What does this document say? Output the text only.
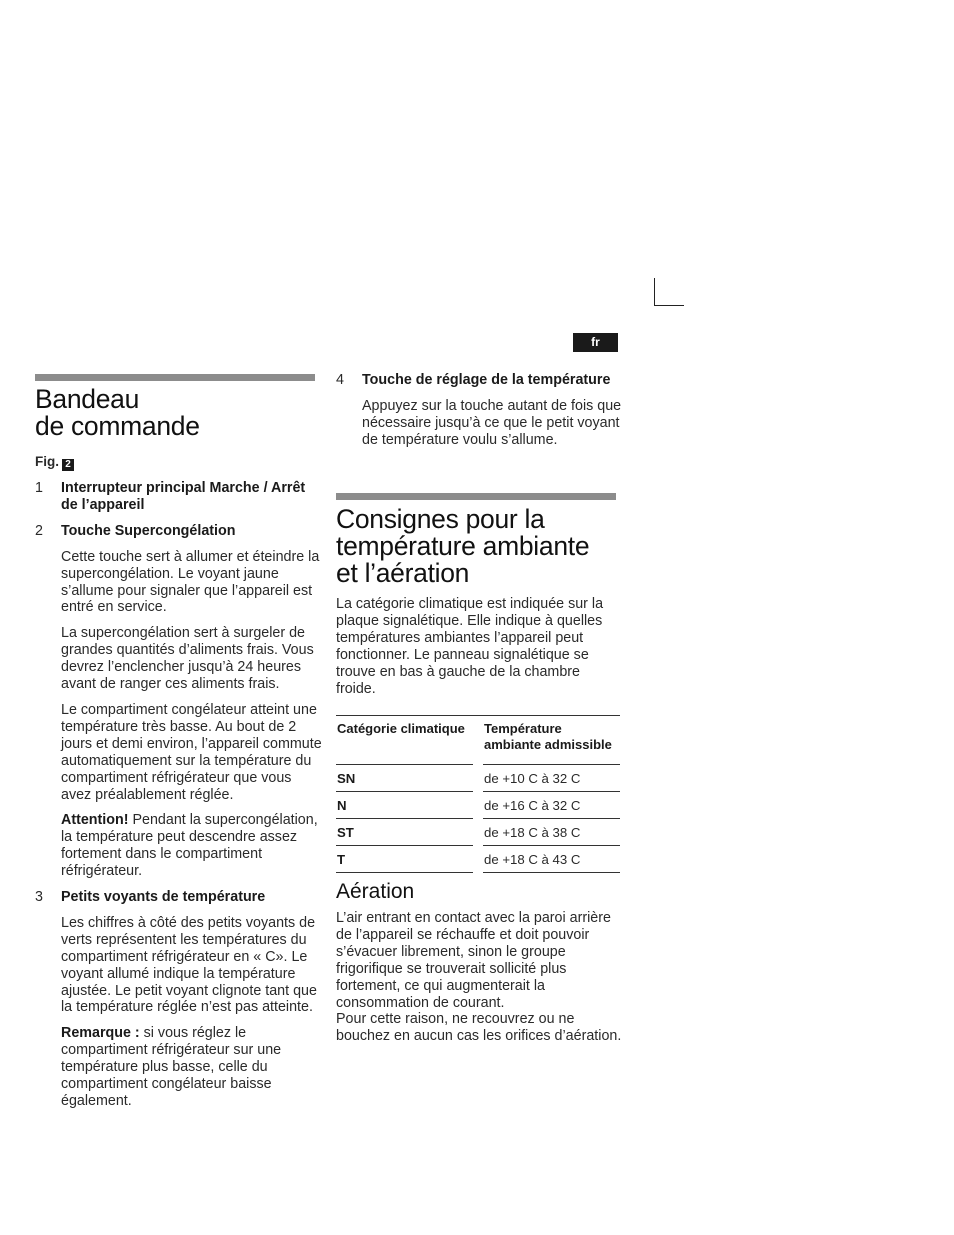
fr
Bandeau
de commande
Fig. 2
1 Interrupteur principal Marche / Arrêt de l’appareil
2 Touche Supercongélation

Cette touche sert à allumer et éteindre la supercongélation. Le voyant jaune s’allume pour signaler que l’appareil est entré en service.

La supercongélation sert à surgeler de grandes quantités d’aliments frais. Vous devrez l’enclencher jusqu’à 24 heures avant de ranger ces aliments frais.

Le compartiment congélateur atteint une température très basse. Au bout de 2 jours et demi environ, l’appareil commute automatiquement sur la température du compartiment réfrigérateur que vous avez préalablement réglée.

Attention! Pendant la supercongélation, la température peut descendre assez fortement dans le compartiment réfrigérateur.

3 Petits voyants de température

Les chiffres à côté des petits voyants de verts représentent les températures du compartiment réfrigérateur en « C». Le voyant allumé indique la température ajustée. Le petit voyant clignote tant que la température réglée n’est pas atteinte.

Remarque : si vous réglez le compartiment réfrigérateur sur une température plus basse, celle du compartiment congélateur baisse également.

4 Touche de réglage de la température

Appuyez sur la touche autant de fois que nécessaire jusqu’à ce que le petit voyant de température voulu s’allume.

Consignes pour la
température ambiante
et l’aération

La catégorie climatique est indiquée sur la plaque signalétique. Elle indique à quelles températures ambiantes l’appareil peut fonctionner. Le panneau signalétique se trouve en bas à gauche de la chambre froide.

Catégorie climatique		Température
ambiante admissible
SN		de +10 C à 32 C
N		de +16 C à 32 C
ST		de +18 C à 38 C
T		de +18 C à 43 C
Aération

L’air entrant en contact avec la paroi arrière de l’appareil se réchauffe et doit pouvoir s’évacuer librement, sinon le groupe frigorifique se trouverait sollicité plus fortement, ce qui augmenterait la consommation de courant.

Pour cette raison, ne recouvrez ou ne bouchez en aucun cas les orifices d’aération.
